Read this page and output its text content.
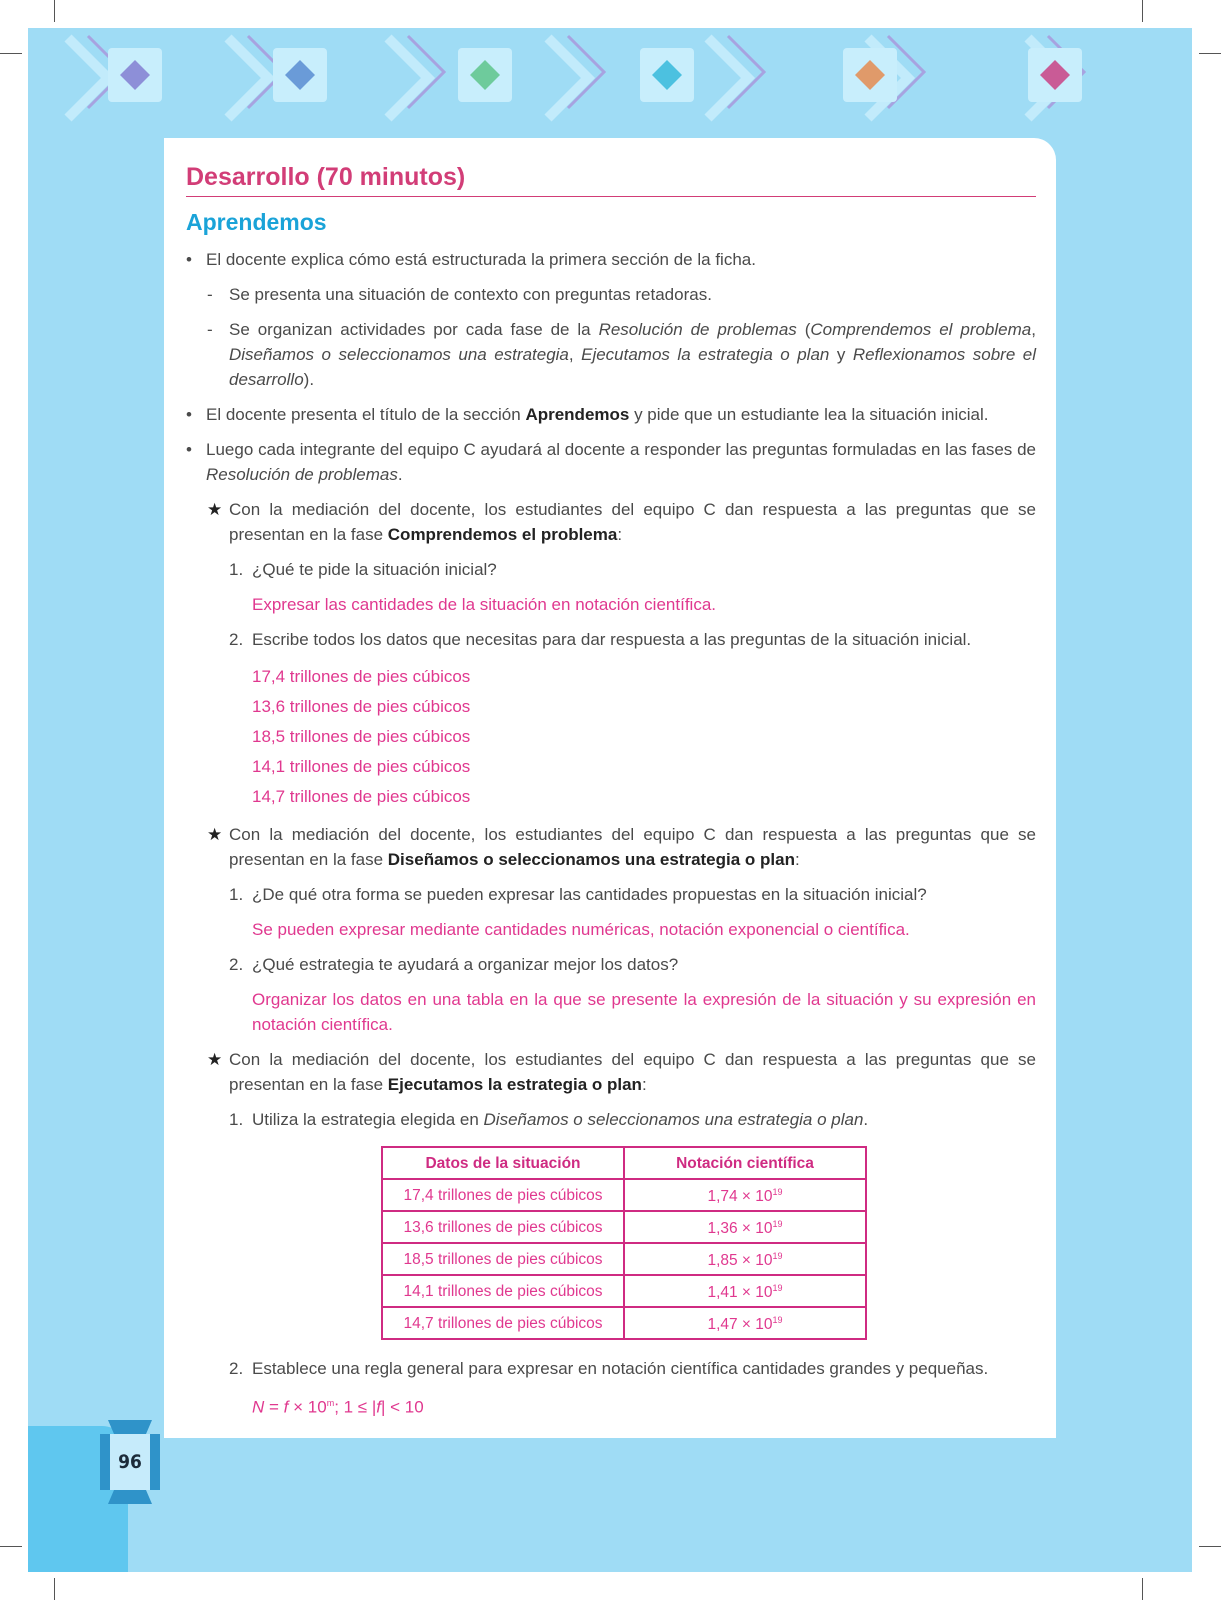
96
Desarrollo (70 minutos)
Aprendemos
• El docente explica cómo está estructurada la primera sección de la ficha.
- Se presenta una situación de contexto con preguntas retadoras.
- Se organizan actividades por cada fase de la Resolución de problemas (Comprendemos el problema, Diseñamos o seleccionamos una estrategia, Ejecutamos la estrategia o plan y Reflexionamos sobre el desarrollo).
• El docente presenta el título de la sección Aprendemos y pide que un estudiante lea la situación inicial.
• Luego cada integrante del equipo C ayudará al docente a responder las preguntas formuladas en las fases de Resolución de problemas.
★ Con la mediación del docente, los estudiantes del equipo C dan respuesta a las preguntas que se presentan en la fase Comprendemos el problema:
1. ¿Qué te pide la situación inicial?
Expresar las cantidades de la situación en notación científica.
2. Escribe todos los datos que necesitas para dar respuesta a las preguntas de la situación inicial.
17,4 trillones de pies cúbicos
13,6 trillones de pies cúbicos
18,5 trillones de pies cúbicos
14,1 trillones de pies cúbicos
14,7 trillones de pies cúbicos
★ Con la mediación del docente, los estudiantes del equipo C dan respuesta a las preguntas que se presentan en la fase Diseñamos o seleccionamos una estrategia o plan:
1. ¿De qué otra forma se pueden expresar las cantidades propuestas en la situación inicial?
Se pueden expresar mediante cantidades numéricas, notación exponencial o científica.
2. ¿Qué estrategia te ayudará a organizar mejor los datos?
Organizar los datos en una tabla en la que se presente la expresión de la situación y su expresión en notación científica.
★ Con la mediación del docente, los estudiantes del equipo C dan respuesta a las preguntas que se presentan en la fase Ejecutamos la estrategia o plan:
1. Utiliza la estrategia elegida en Diseñamos o seleccionamos una estrategia o plan.
Datos de la situación	Notación científica
17,4 trillones de pies cúbicos	$1,74 \times 10^{19}$
13,6 trillones de pies cúbicos	$1,36 \times 10^{19}$
18,5 trillones de pies cúbicos	$1,85 \times 10^{19}$
14,1 trillones de pies cúbicos	$1,41 \times 10^{19}$
14,7 trillones de pies cúbicos	$1,47 \times 10^{19}$
2. Establece una regla general para expresar en notación científica cantidades grandes y pequeñas.
$N = f \times 10^m$; 1 ≤ |f| < 10
